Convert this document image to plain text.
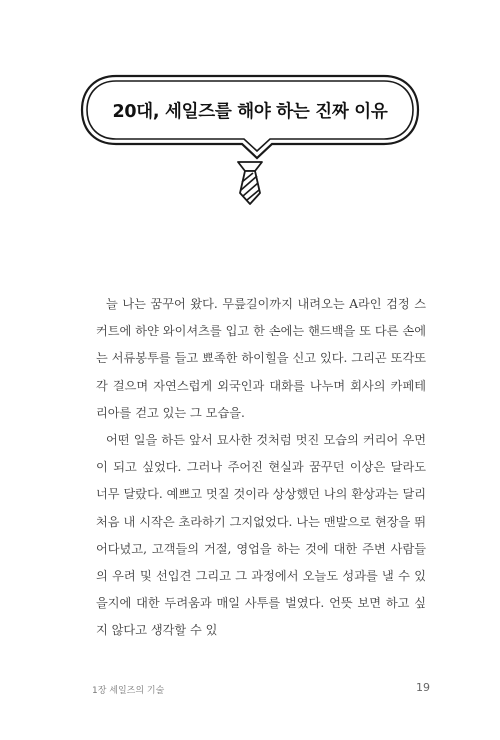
20대, 세일즈를 해야 하는 진짜 이유

늘 나는 꿈꾸어 왔다. 무릎길이까지 내려오는 A라인 검정 스커트에 하얀 와이셔츠를 입고 한 손에는 핸드백을 또 다른 손에는 서류봉투를 들고 뾰족한 하이힐을 신고 있다. 그리곤 또각또각 걸으며 자연스럽게 외국인과 대화를 나누며 회사의 카페테리아를 걷고 있는 그 모습을.

어떤 일을 하든 앞서 묘사한 것처럼 멋진 모습의 커리어 우먼이 되고 싶었다. 그러나 주어진 현실과 꿈꾸던 이상은 달라도 너무 달랐다. 예쁘고 멋질 것이라 상상했던 나의 환상과는 달리 처음 내 시작은 초라하기 그지없었다. 나는 맨발으로 현장을 뛰어다녔고, 고객들의 거절, 영업을 하는 것에 대한 주변 사람들의 우려 및 선입견 그리고 그 과정에서 오늘도 성과를 낼 수 있을지에 대한 두려움과 매일 사투를 벌였다. 언뜻 보면 하고 싶지 않다고 생각할 수 있

1장 세일즈의 기술	19
